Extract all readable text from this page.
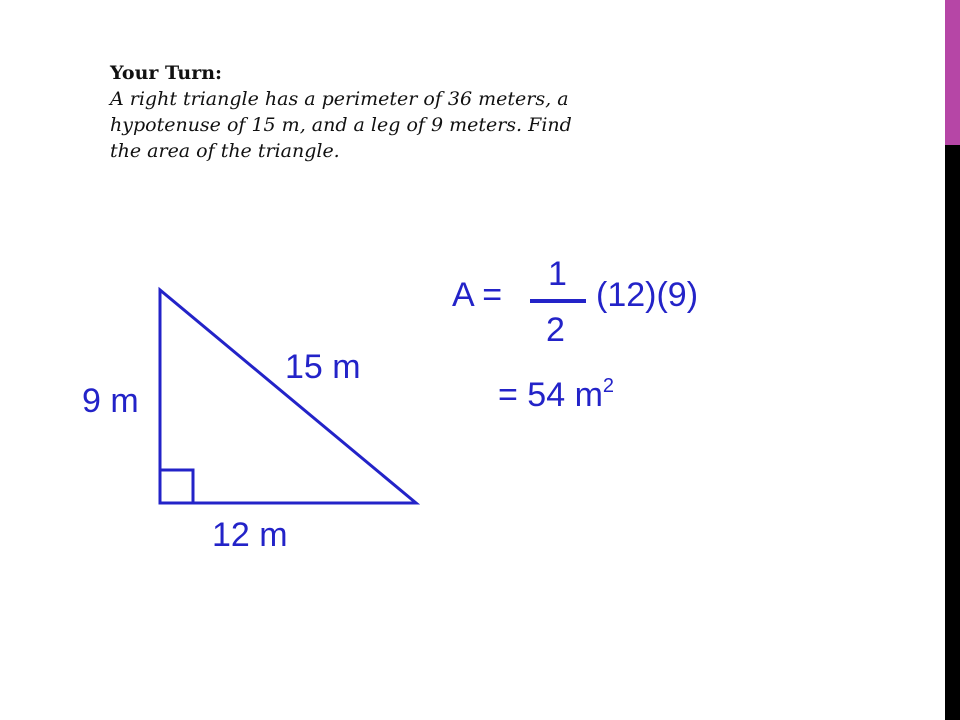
Your Turn:
A right triangle has a perimeter of 36 meters, a
hypotenuse of 15 m, and a leg of 9 meters. Find
the area of the triangle.
15 m
9 m
12 m
A =
1
2
(12)(9)
= 54 $m^2$
